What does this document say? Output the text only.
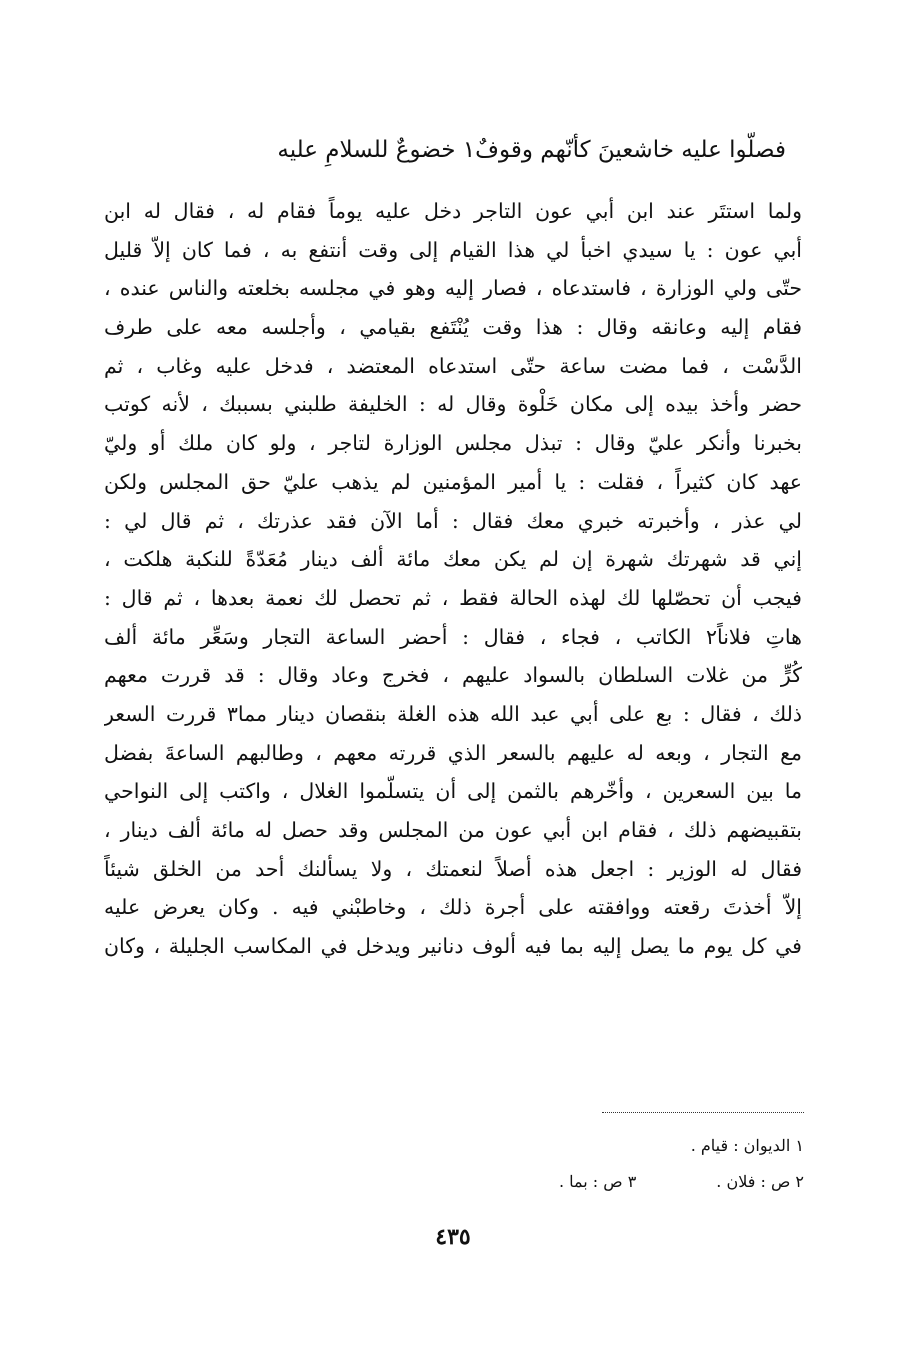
فصلّوا عليه خاشعينَ كأنّهم وقوفٌ١ خضوعٌ للسلامِ عليه
ولما استتَر عند ابن أبي عون التاجر دخل عليه يوماً فقام له ، فقال له ابن
أبي عون : يا سيدي اخبأ لي هذا القيام إلى وقت أنتفع به ، فما كان إلاّ قليل
حتّى ولي الوزارة ، فاستدعاه ، فصار إليه وهو في مجلسه بخلعته والناس عنده ،
فقام إليه وعانقه وقال : هذا وقت يُنْتَفع بقيامي ، وأجلسه معه على طرف
الدَّسْت ، فما مضت ساعة حتّى استدعاه المعتضد ، فدخل عليه وغاب ، ثم
حضر وأخذ بيده إلى مكان خَلْوة وقال له : الخليفة طلبني بسببك ، لأنه كوتب
بخبرنا وأنكر عليّ وقال : تبذل مجلس الوزارة لتاجر ، ولو كان ملك أو وليّ
عهد كان كثيراً ، فقلت : يا أمير المؤمنين لم يذهب عليّ حق المجلس ولكن
لي عذر ، وأخبرته خبري معك فقال : أما الآن فقد عذرتك ، ثم قال لي :
إني قد شهرتك شهرة إن لم يكن معك مائة ألف دينار مُعَدّةً للنكبة هلكت ،
فيجب أن تحصّلها لك لهذه الحالة فقط ، ثم تحصل لك نعمة بعدها ، ثم قال :
هاتِ فلاناً٢ الكاتب ، فجاء ، فقال : أحضر الساعة التجار وسَعِّر مائة ألف
كُرٍّ من غلات السلطان بالسواد عليهم ، فخرج وعاد وقال : قد قررت معهم
ذلك ، فقال : بع على أبي عبد الله هذه الغلة بنقصان دينار مما٣ قررت السعر
مع التجار ، وبعه له عليهم بالسعر الذي قررته معهم ، وطالبهم الساعةَ بفضل
ما بين السعرين ، وأخّرهم بالثمن إلى أن يتسلّموا الغلال ، واكتب إلى النواحي
بتقبيضهم ذلك ، فقام ابن أبي عون من المجلس وقد حصل له مائة ألف دينار ،
فقال له الوزير : اجعل هذه أصلاً لنعمتك ، ولا يسألنك أحد من الخلق شيئاً
إلاّ أخذتَ رقعته ووافقته على أجرة ذلك ، وخاطبْني فيه . وكان يعرض عليه
في كل يوم ما يصل إليه بما فيه ألوف دنانير ويدخل في المكاسب الجليلة ، وكان
١ الديوان : قيام .
٢ ص : فلان .٣ ص : بما .
٤٣٥
